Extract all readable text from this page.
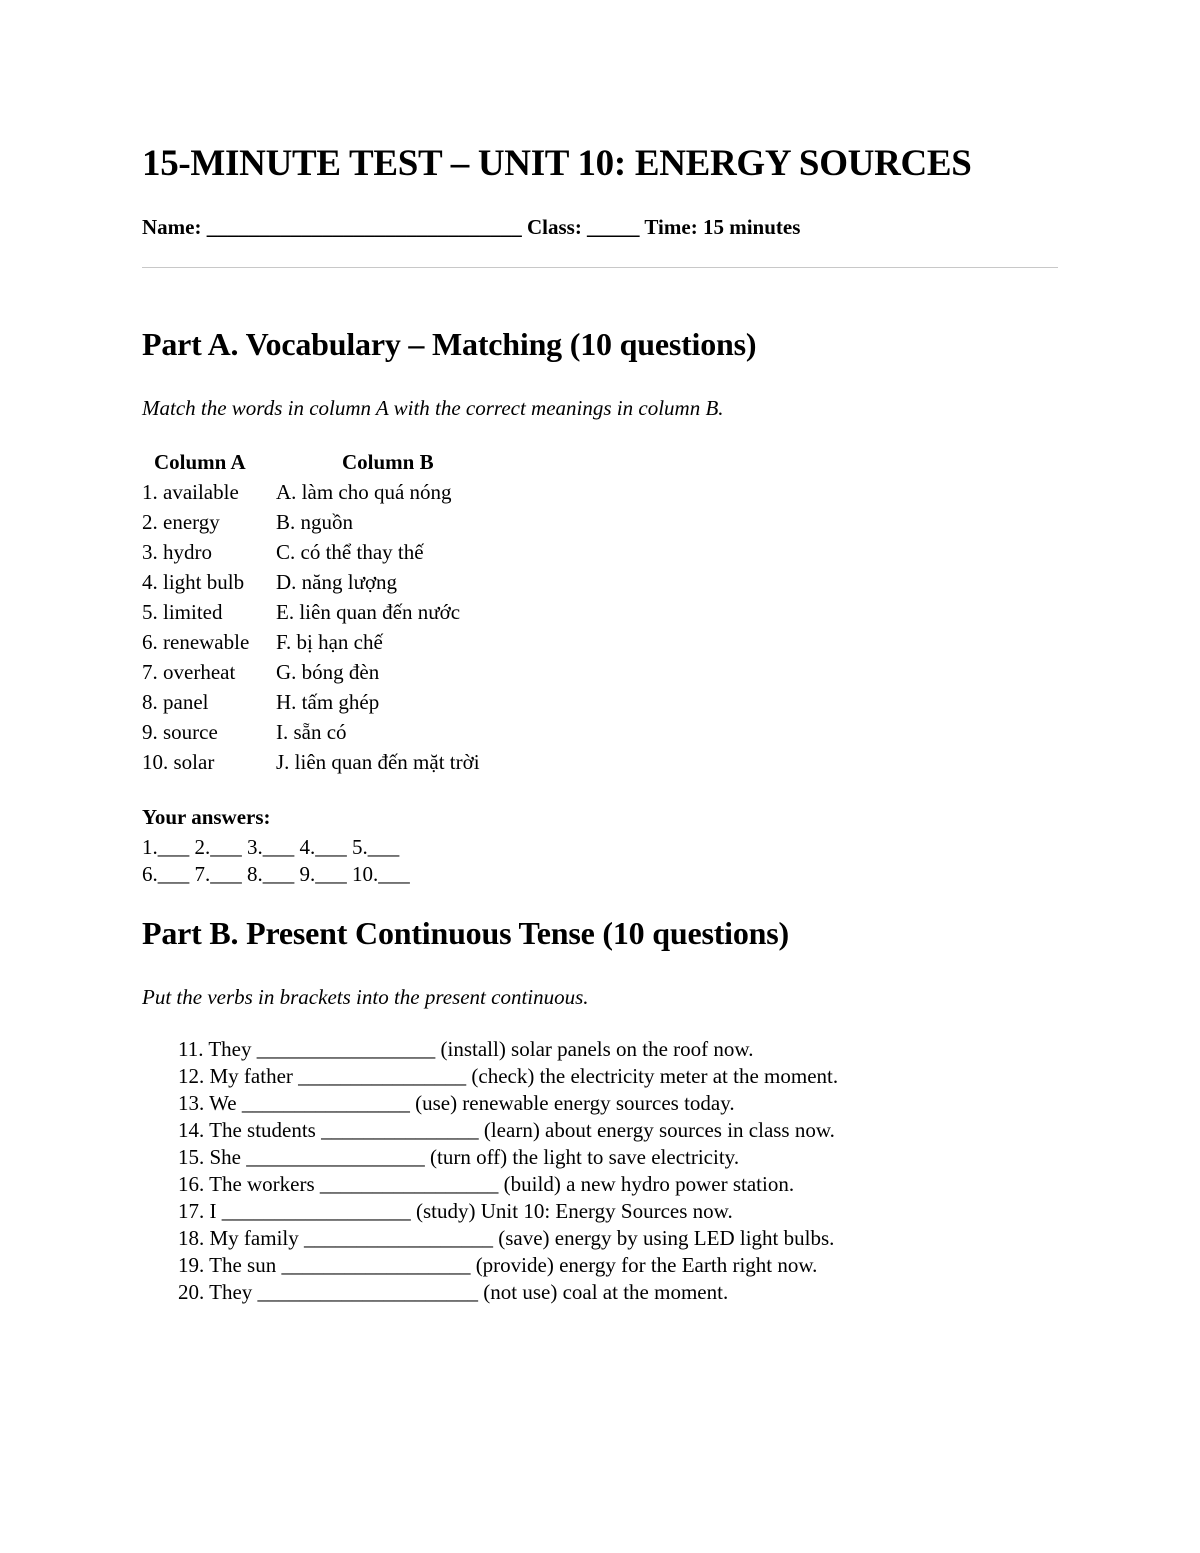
15-MINUTE TEST – UNIT 10: ENERGY SOURCES
Name: ______________________________ Class: _____ Time: 15 minutes
Part A. Vocabulary – Matching (10 questions)
Match the words in column A with the correct meanings in column B.
Column A	Column B
1. available A. làm cho quá nóng
2. energy	B. nguồn
3. hydro	C. có thể thay thế
4. light bulb D. năng lượng
5. limited	E. liên quan đến nước
6. renewable F. bị hạn chế
7. overheat G. bóng đèn
8. panel	H. tấm ghép
9. source	I. sẵn có
10. solar	J. liên quan đến mặt trời
Your answers:
1.___ 2.___ 3.___ 4.___ 5.___
6.___ 7.___ 8.___ 9.___ 10.___
Part B. Present Continuous Tense (10 questions)
Put the verbs in brackets into the present continuous.
11. They _________________ (install) solar panels on the roof now.
12. My father ________________ (check) the electricity meter at the moment.
13. We ________________ (use) renewable energy sources today.
14. The students _______________ (learn) about energy sources in class now.
15. She _________________ (turn off) the light to save electricity.
16. The workers _________________ (build) a new hydro power station.
17. I __________________ (study) Unit 10: Energy Sources now.
18. My family __________________ (save) energy by using LED light bulbs.
19. The sun __________________ (provide) energy for the Earth right now.
20. They _____________________ (not use) coal at the moment.
